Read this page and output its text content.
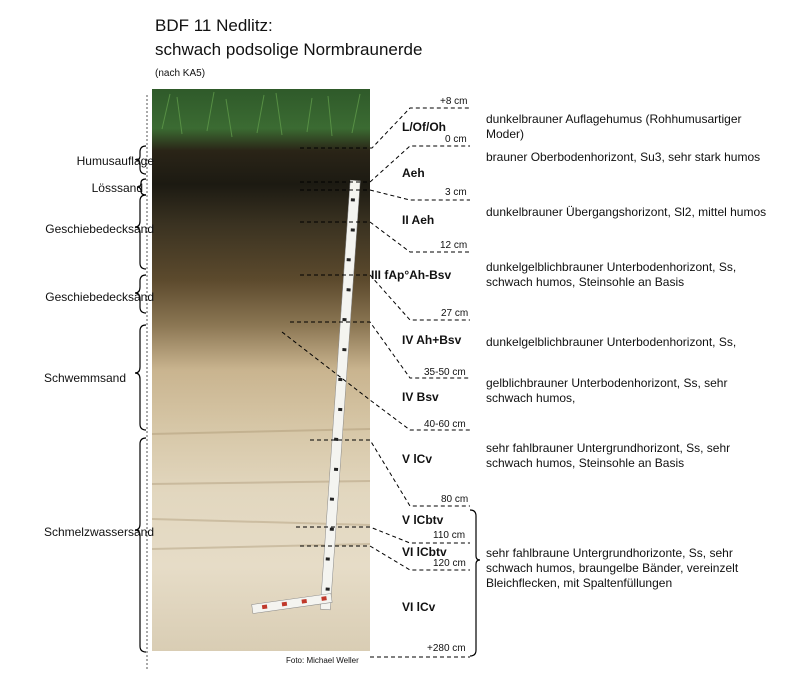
BDF 11 Nedlitz:
schwach podsolige Normbraunerde
(nach KA5)
Humusauflage
Lösssand
Geschiebedecksand
Geschiebedecksand
Schwemmsand
Schmelzwassersand
+8 cm
0 cm
3 cm
12 cm
27 cm
35-50 cm
40-60 cm
80 cm
110 cm
120 cm
+280 cm
L/Of/Oh
Aeh
II Aeh
III fAp°Ah-Bsv
IV Ah+Bsv
IV Bsv
V lCv
V lCbtv
VI lCbtv
VI lCv
dunkelbrauner Auflagehumus (Rohhumusartiger Moder)
brauner Oberbodenhorizont, Su3, sehr stark humos
dunkelbrauner Übergangshorizont, Sl2, mittel humos
dunkelgelblichbrauner Unterbodenhorizont, Ss, schwach humos, Steinsohle an Basis
dunkelgelblichbrauner Unterbodenhorizont, Ss,
gelblichbrauner Unterbodenhorizont, Ss, sehr schwach humos,
sehr fahlbrauner Untergrundhorizont, Ss, sehr schwach humos, Steinsohle an Basis
sehr fahlbraune Untergrundhorizonte, Ss, sehr schwach humos, braungelbe Bänder, vereinzelt Bleichflecken, mit Spaltenfüllungen
Foto: Michael Weller
